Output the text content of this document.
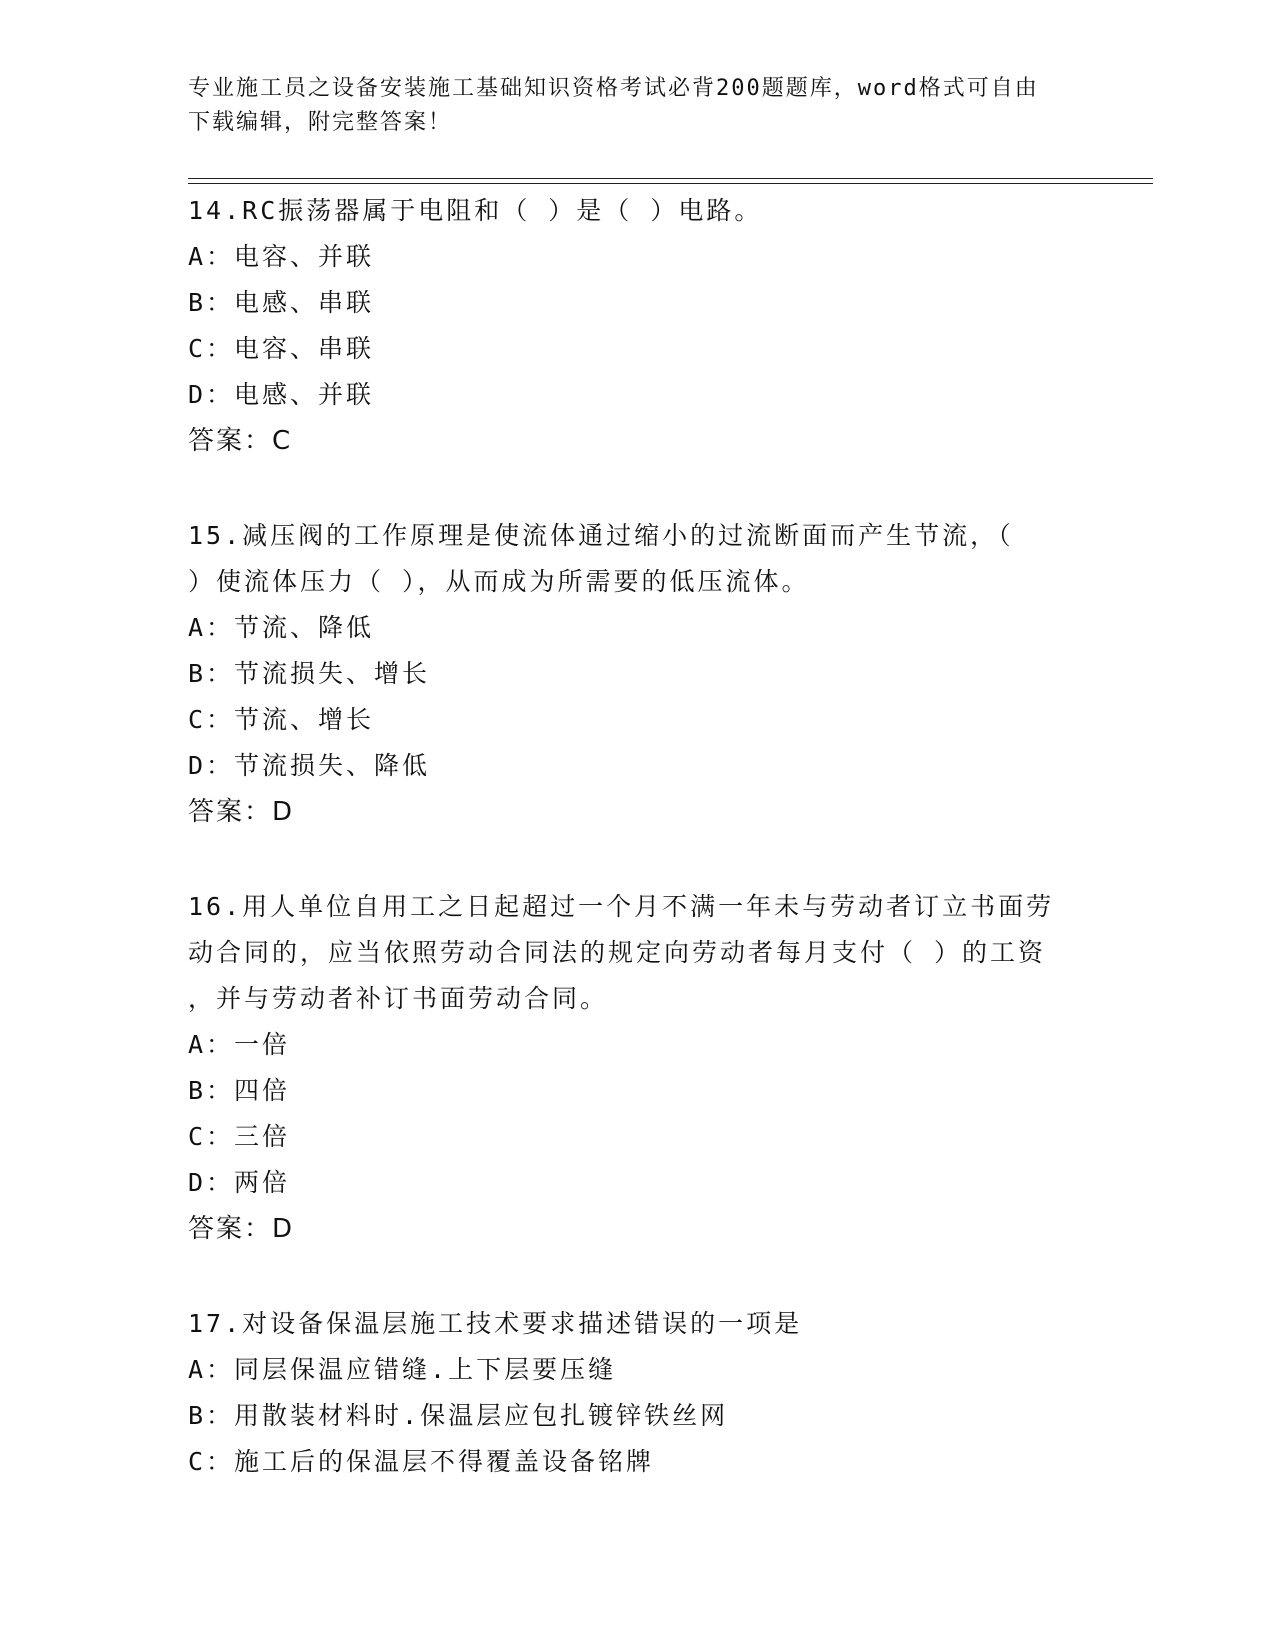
专业施工员之设备安装施工基础知识资格考试必背200题题库，word格式可自由
下载编辑，附完整答案！
14.RC振荡器属于电阻和（ ）是（ ）电路。
A：电容、并联
B：电感、串联
C：电容、串联
D：电感、并联
答案：C
15.减压阀的工作原理是使流体通过缩小的过流断面而产生节流，（
）使流体压力（ ），从而成为所需要的低压流体。
A：节流、降低
B：节流损失、增长
C：节流、增长
D：节流损失、降低
答案：D
16.用人单位自用工之日起超过一个月不满一年未与劳动者订立书面劳
动合同的，应当依照劳动合同法的规定向劳动者每月支付（ ）的工资
，并与劳动者补订书面劳动合同。
A：一倍
B：四倍
C：三倍
D：两倍
答案：D
17.对设备保温层施工技术要求描述错误的一项是
A：同层保温应错缝.上下层要压缝
B：用散装材料时.保温层应包扎镀锌铁丝网
C：施工后的保温层不得覆盖设备铭牌
